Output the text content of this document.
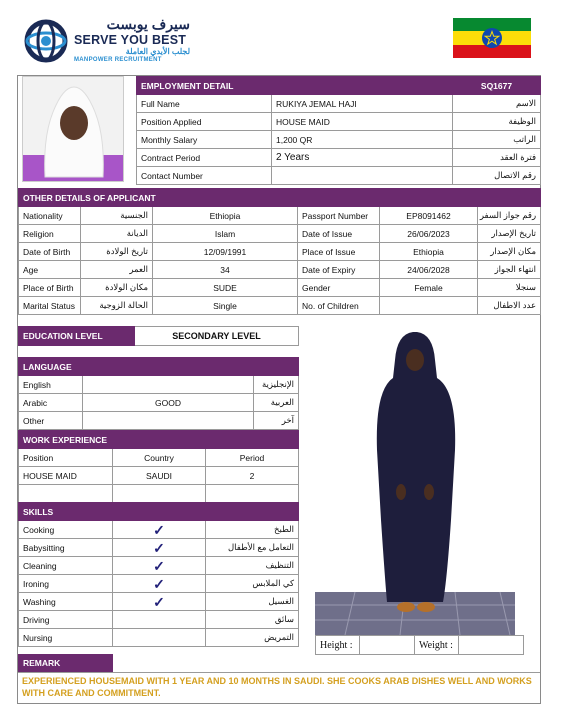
سيرف يوبست
SERVE YOU BEST
لجلب الأيدي العاملة
MANPOWER RECRUITMENT
EMPLOYMENT DETAIL		SQ1677
Full Name	RUKIYA JEMAL HAJI	الاسم
Position Applied	HOUSE MAID	الوظيفة
Monthly Salary	1,200 QR	الراتب
Contract Period	2 Years	فترة العقد
Contact Number		رقم الاتصال
OTHER DETAILS OF APPLICANT					
Nationality	الجنسية	Ethiopia	Passport Number	EP8091462	رقم جواز السفر
Religion	الديانة	Islam	Date of Issue	26/06/2023	تاريخ الإصدار
Date of Birth	تاريخ الولادة	12/09/1991	Place of Issue	Ethiopia	مكان الإصدار
Age	العمر	34	Date of Expiry	24/06/2028	انتهاء الجواز
Place of Birth	مكان الولادة	SUDE	Gender	Female	سنجلا
Marital Status	الحالة الزوجية	Single	No. of Children		عدد الاطفال
EDUCATION LEVEL	SECONDARY LEVEL
LANGUAGE		
English		الإنجليزية
Arabic	GOOD	العربية
Other		آخر
WORK EXPERIENCE		
Position	Country	Period
HOUSE MAID	SAUDI	2

SKILLS		
Cooking	✓	الطبخ
Babysitting	✓	التعامل مع الأطفال
Cleaning	✓	التنظيف
Ironing	✓	كي الملابس
Washing	✓	الغسيل
Driving		سائق
Nursing		التمريض
Height :		Weight :	
REMARK
EXPERIENCED HOUSEMAID WITH 1 YEAR AND 10 MONTHS IN SAUDI. SHE COOKS ARAB DISHES WELL AND WORKS WITH CARE AND COMMITMENT.
